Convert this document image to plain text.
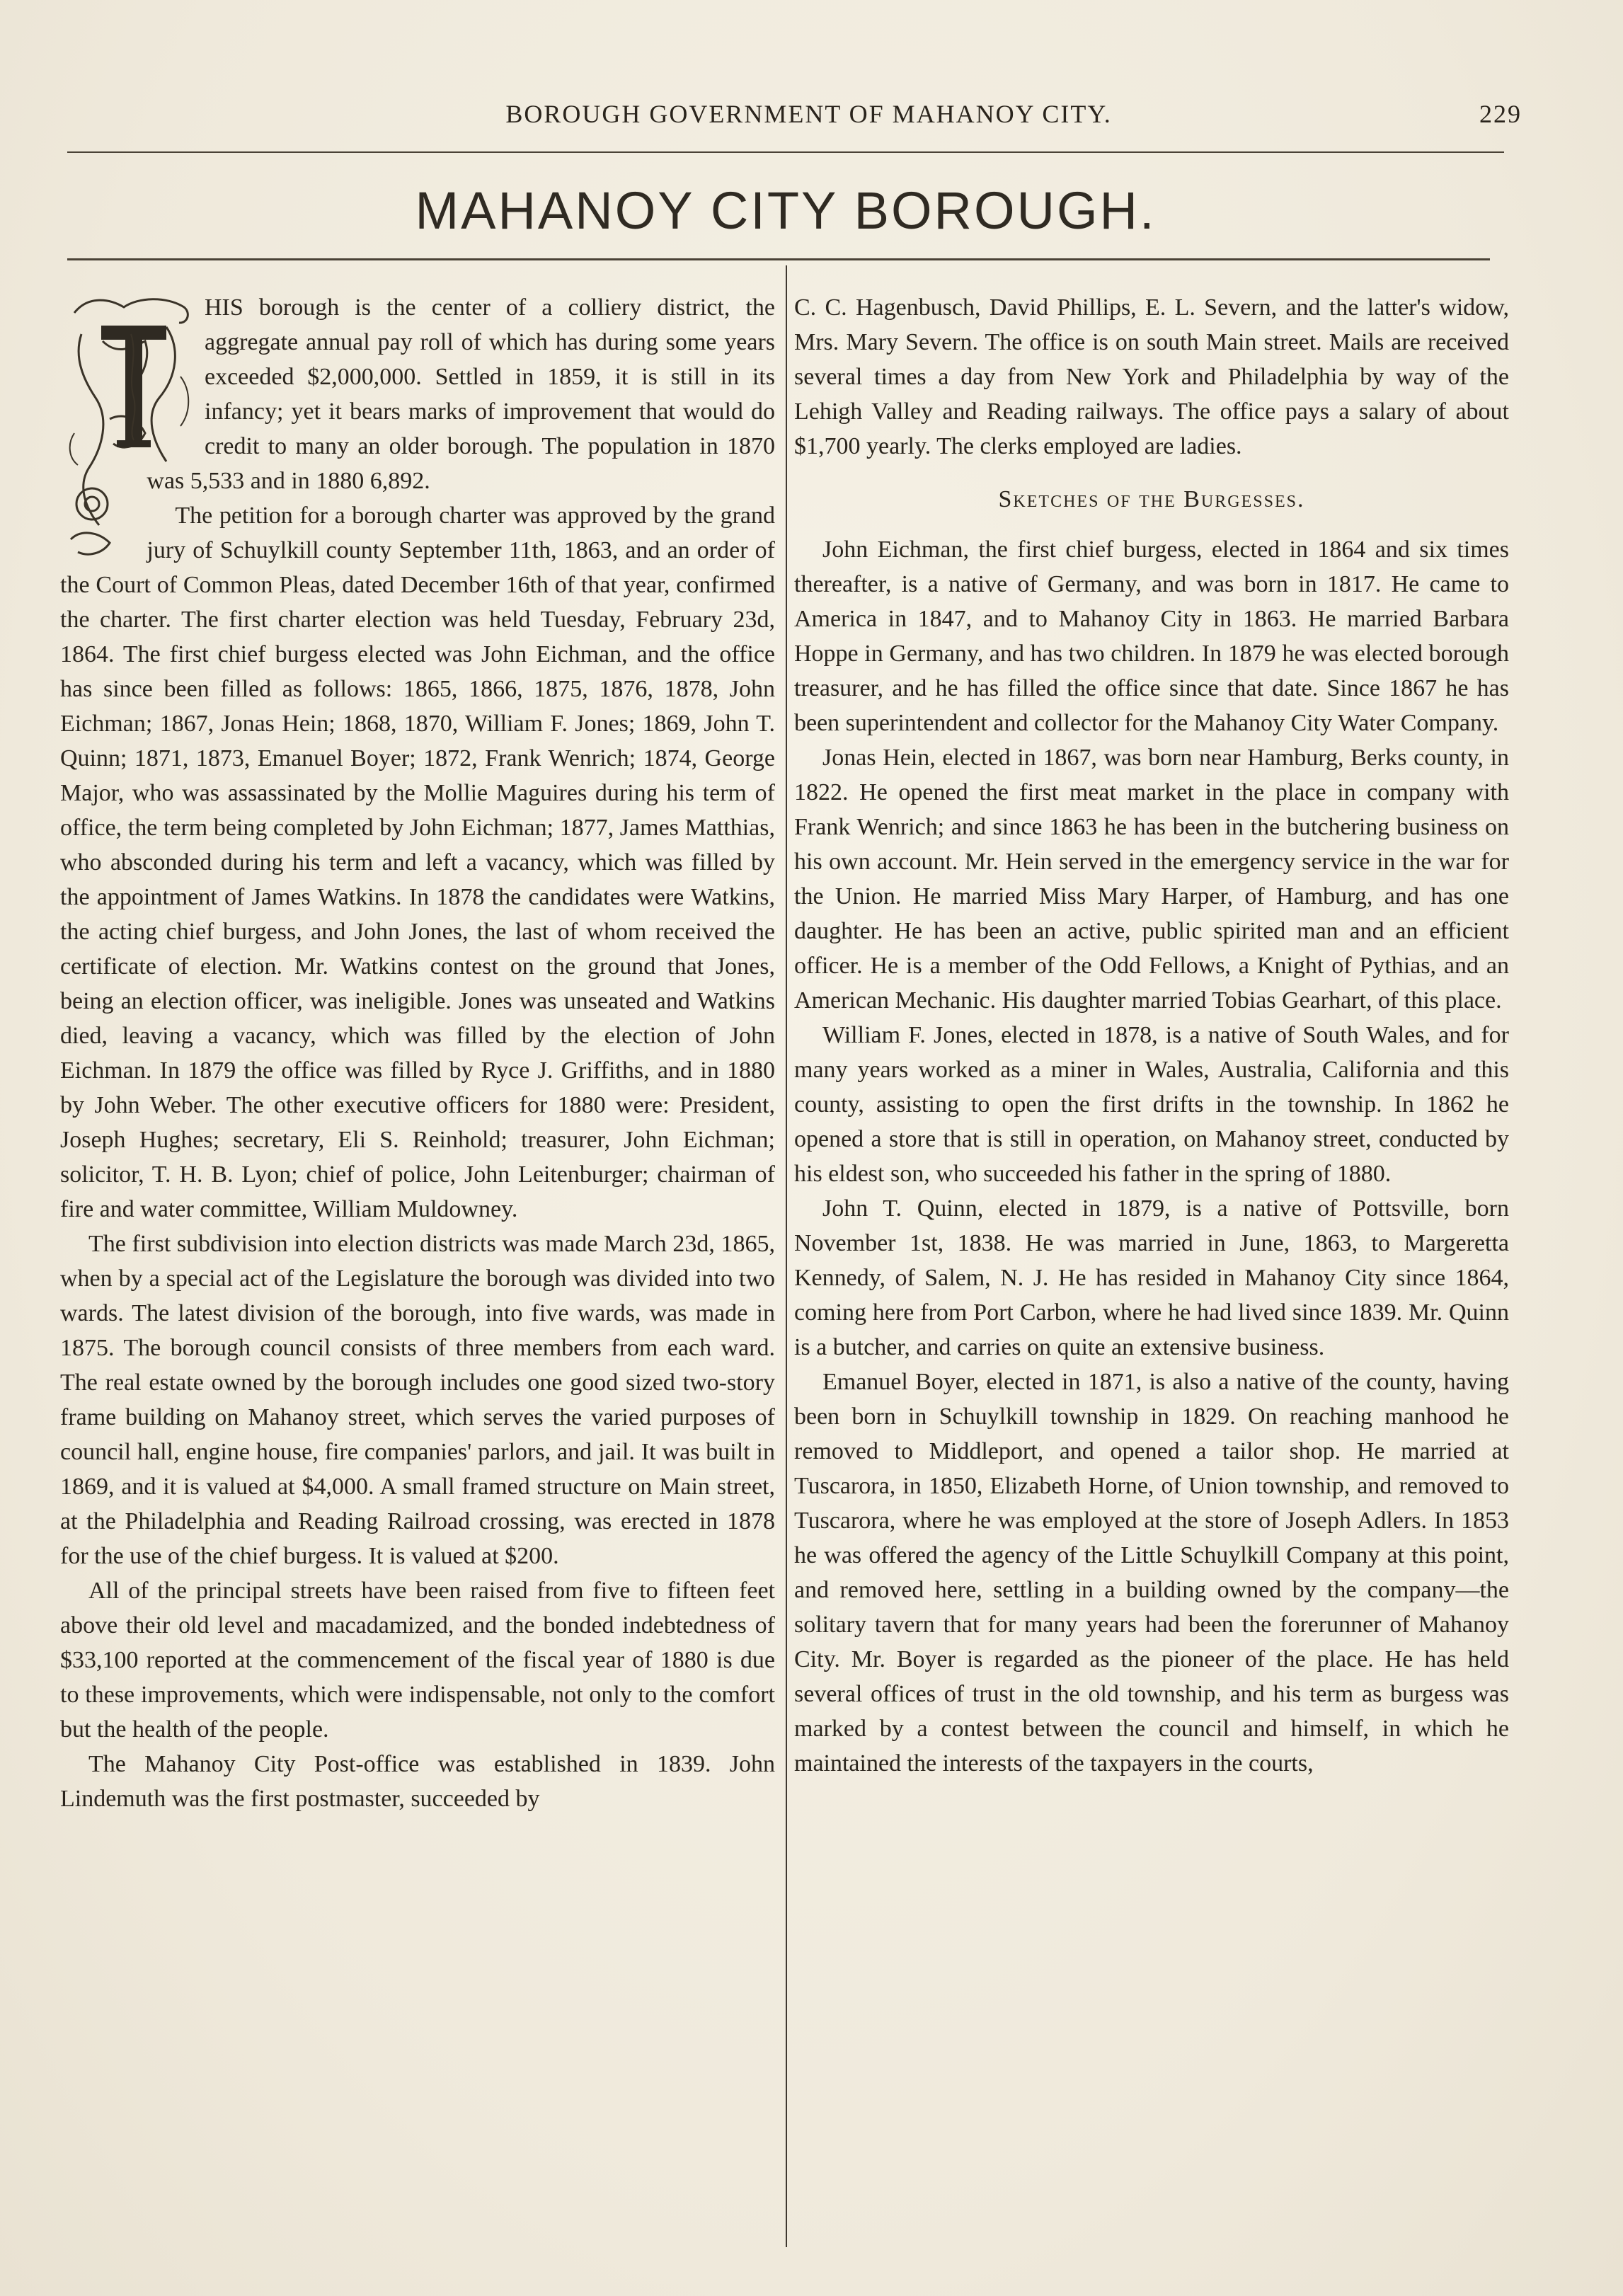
BOROUGH GOVERNMENT OF MAHANOY CITY.	229
MAHANOY CITY BOROUGH.

HIS borough is the center of a colliery district, the aggregate annual pay roll of which has during some years exceeded $2,000,000. Settled in 1859, it is still in its infancy; yet it bears marks of improvement that would do credit to many an older borough. The population in 1870 was 5,533 and in 1880 6,892.

The petition for a borough charter was approved by the grand jury of Schuylkill county September 11th, 1863, and an order of the Court of Common Pleas, dated December 16th of that year, confirmed the charter. The first charter election was held Tuesday, February 23d, 1864. The first chief burgess elected was John Eichman, and the office has since been filled as follows: 1865, 1866, 1875, 1876, 1878, John Eichman; 1867, Jonas Hein; 1868, 1870, William F. Jones; 1869, John T. Quinn; 1871, 1873, Emanuel Boyer; 1872, Frank Wenrich; 1874, George Major, who was assassinated by the Mollie Maguires during his term of office, the term being completed by John Eichman; 1877, James Matthias, who absconded during his term and left a vacancy, which was filled by the appointment of James Watkins. In 1878 the candidates were Watkins, the acting chief burgess, and John Jones, the last of whom received the certificate of election. Mr. Watkins contest on the ground that Jones, being an election officer, was ineligible. Jones was unseated and Watkins died, leaving a vacancy, which was filled by the election of John Eichman. In 1879 the office was filled by Ryce J. Griffiths, and in 1880 by John Weber. The other executive officers for 1880 were: President, Joseph Hughes; secretary, Eli S. Reinhold; treasurer, John Eichman; solicitor, T. H. B. Lyon; chief of police, John Leitenburger; chairman of fire and water committee, William Muldowney.

The first subdivision into election districts was made March 23d, 1865, when by a special act of the Legislature the borough was divided into two wards. The latest division of the borough, into five wards, was made in 1875. The borough council consists of three members from each ward. The real estate owned by the borough includes one good sized two-story frame building on Mahanoy street, which serves the varied purposes of council hall, engine house, fire companies' parlors, and jail. It was built in 1869, and it is valued at $4,000. A small framed structure on Main street, at the Philadelphia and Reading Railroad crossing, was erected in 1878 for the use of the chief burgess. It is valued at $200.

All of the principal streets have been raised from five to fifteen feet above their old level and macadamized, and the bonded indebtedness of $33,100 reported at the commencement of the fiscal year of 1880 is due to these improvements, which were indispensable, not only to the comfort but the health of the people.

The Mahanoy City Post-office was established in 1839. John Lindemuth was the first postmaster, succeeded by

C. C. Hagenbusch, David Phillips, E. L. Severn, and the latter's widow, Mrs. Mary Severn. The office is on south Main street. Mails are received several times a day from New York and Philadelphia by way of the Lehigh Valley and Reading railways. The office pays a salary of about $1,700 yearly. The clerks employed are ladies.

Sketches of the Burgesses.

John Eichman, the first chief burgess, elected in 1864 and six times thereafter, is a native of Germany, and was born in 1817. He came to America in 1847, and to Mahanoy City in 1863. He married Barbara Hoppe in Germany, and has two children. In 1879 he was elected borough treasurer, and he has filled the office since that date. Since 1867 he has been superintendent and collector for the Mahanoy City Water Company.

Jonas Hein, elected in 1867, was born near Hamburg, Berks county, in 1822. He opened the first meat market in the place in company with Frank Wenrich; and since 1863 he has been in the butchering business on his own account. Mr. Hein served in the emergency service in the war for the Union. He married Miss Mary Harper, of Hamburg, and has one daughter. He has been an active, public spirited man and an efficient officer. He is a member of the Odd Fellows, a Knight of Pythias, and an American Mechanic. His daughter married Tobias Gearhart, of this place.

William F. Jones, elected in 1878, is a native of South Wales, and for many years worked as a miner in Wales, Australia, California and this county, assisting to open the first drifts in the township. In 1862 he opened a store that is still in operation, on Mahanoy street, conducted by his eldest son, who succeeded his father in the spring of 1880.

John T. Quinn, elected in 1879, is a native of Pottsville, born November 1st, 1838. He was married in June, 1863, to Margeretta Kennedy, of Salem, N. J. He has resided in Mahanoy City since 1864, coming here from Port Carbon, where he had lived since 1839. Mr. Quinn is a butcher, and carries on quite an extensive business.

Emanuel Boyer, elected in 1871, is also a native of the county, having been born in Schuylkill township in 1829. On reaching manhood he removed to Middleport, and opened a tailor shop. He married at Tuscarora, in 1850, Elizabeth Horne, of Union township, and removed to Tuscarora, where he was employed at the store of Joseph Adlers. In 1853 he was offered the agency of the Little Schuylkill Company at this point, and removed here, settling in a building owned by the company—the solitary tavern that for many years had been the forerunner of Mahanoy City. Mr. Boyer is regarded as the pioneer of the place. He has held several offices of trust in the old township, and his term as burgess was marked by a contest between the council and himself, in which he maintained the interests of the taxpayers in the courts,
